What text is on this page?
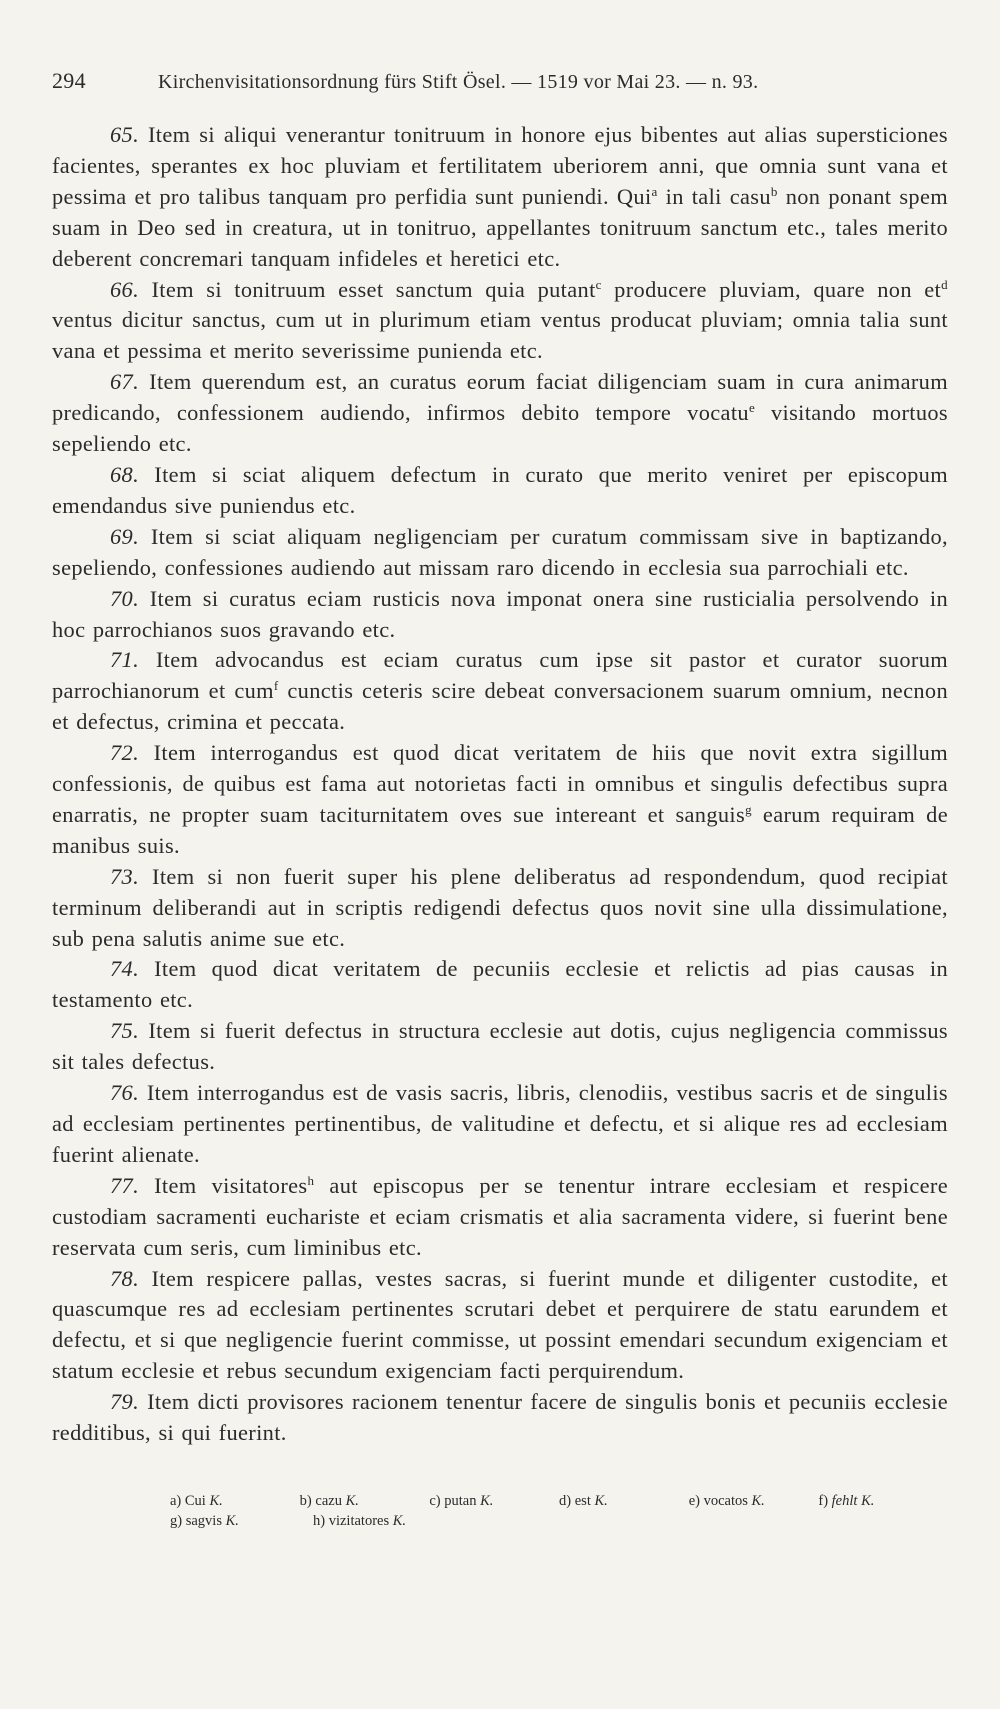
294	Kirchenvisitationsordnung fürs Stift Ösel. — 1519 vor Mai 23. — n. 93.

65. Item si aliqui venerantur tonitruum in honore ejus bibentes aut alias supersticiones facientes, sperantes ex hoc pluviam et fertilitatem uberiorem anni, que omnia sunt vana et pessima et pro talibus tanquam pro perfidia sunt puniendi. Qui$^a$ in tali casu$^b$ non ponant spem suam in Deo sed in creatura, ut in tonitruo, appellantes tonitruum sanctum etc., tales merito deberent concremari tanquam infideles et heretici etc.

66. Item si tonitruum esset sanctum quia putant$^c$ producere pluviam, quare non $et^d$ ventus dicitur sanctus, cum ut in plurimum etiam ventus producat pluviam; omnia talia sunt vana et pessima et merito severissime punienda etc.

67. Item querendum est, an curatus eorum faciat diligenciam suam in cura animarum predicando, confessionem audiendo, infirmos debito tempore vocatu$^e$ visitando mortuos sepeliendo etc.

68. Item si sciat aliquem defectum in curato que merito veniret per episcopum emendandus sive puniendus etc.

69. Item si sciat aliquam negligenciam per curatum commissam sive in baptizando, sepeliendo, confessiones audiendo aut missam raro dicendo in ecclesia sua parrochiali etc.

70. Item si curatus eciam rusticis nova imponat onera sine rusticialia persolvendo in hoc parrochianos suos gravando etc.

71. Item advocandus est eciam curatus cum ipse sit pastor et curator suorum parrochianorum et cum$^f$ cunctis ceteris scire debeat conversacionem suarum omnium, necnon et defectus, crimina et peccata.

72. Item interrogandus est quod dicat veritatem de hiis que novit extra sigillum confessionis, de quibus est fama aut notorietas facti in omnibus et singulis defectibus supra enarratis, ne propter suam taciturnitatem oves sue intereant et sanguis$^g$ earum requiram de manibus suis.

73. Item si non fuerit super his plene deliberatus ad respondendum, quod recipiat terminum deliberandi aut in scriptis redigendi defectus quos novit sine ulla dissimulatione, sub pena salutis anime sue etc.

74. Item quod dicat veritatem de pecuniis ecclesie et relictis ad pias causas in testamento etc.

75. Item si fuerit defectus in structura ecclesie aut dotis, cujus negligencia commissus sit tales defectus.

76. Item interrogandus est de vasis sacris, libris, clenodiis, vestibus sacris et de singulis ad ecclesiam pertinentes pertinentibus, de valitudine et defectu, et si alique res ad ecclesiam fuerint alienate.

77. Item visitatores$^h$ aut episcopus per se tenentur intrare ecclesiam et respicere custodiam sacramenti eucharistе et eciam crismatis et alia sacramenta videre, si fuerint bene reservata cum seris, cum liminibus etc.

78. Item respicere pallas, vestes sacras, si fuerint munde et diligenter custodite, et quascumque res ad ecclesiam pertinentes scrutari debet et perquirere de statu earundem et defectu, et si que negligencie fuerint commisse, ut possint emendari secundum exigenciam et statum ecclesie et rebus secundum exigenciam facti perquirendum.

79. Item dicti provisores racionem tenentur facere de singulis bonis et pecuniis ecclesie redditibus, si qui fuerint.

a) Cui K.	b) cazu K.	c) putan K.	d) est K.	e) vocatos K.	f) fehlt K.
g) sagvis K.	h) vizitatores K.
